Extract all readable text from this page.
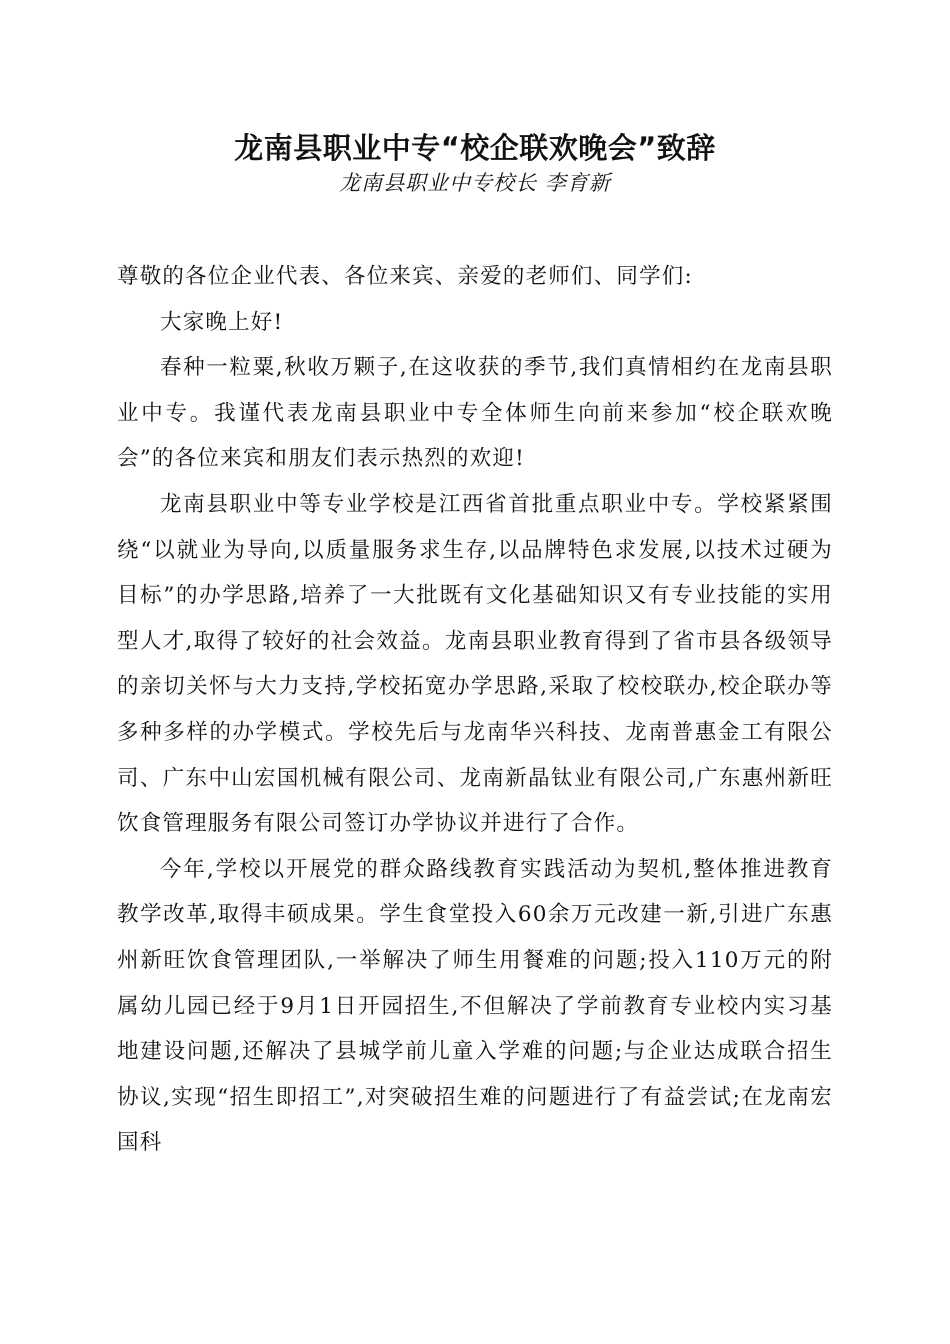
龙南县职业中专“校企联欢晚会”致辞
龙南县职业中专校长 李育新

尊敬的各位企业代表、各位来宾、亲爱的老师们、同学们:

大家晚上好!

春种一粒粟,秋收万颗子,在这收获的季节,我们真情相约在龙南县职业中专。我谨代表龙南县职业中专全体师生向前来参加“校企联欢晚会”的各位来宾和朋友们表示热烈的欢迎!

龙南县职业中等专业学校是江西省首批重点职业中专。学校紧紧围绕“以就业为导向,以质量服务求生存,以品牌特色求发展,以技术过硬为目标”的办学思路,培养了一大批既有文化基础知识又有专业技能的实用型人才,取得了较好的社会效益。龙南县职业教育得到了省市县各级领导的亲切关怀与大力支持,学校拓宽办学思路,采取了校校联办,校企联办等多种多样的办学模式。学校先后与龙南华兴科技、龙南普惠金工有限公司、广东中山宏国机械有限公司、龙南新晶钛业有限公司,广东惠州新旺饮食管理服务有限公司签订办学协议并进行了合作。

今年,学校以开展党的群众路线教育实践活动为契机,整体推进教育教学改革,取得丰硕成果。学生食堂投入60余万元改建一新,引进广东惠州新旺饮食管理团队,一举解决了师生用餐难的问题;投入110万元的附属幼儿园已经于9月1日开园招生,不但解决了学前教育专业校内实习基地建设问题,还解决了县城学前儿童入学难的问题;与企业达成联合招生协议,实现“招生即招工”,对突破招生难的问题进行了有益尝试;在龙南宏国科
